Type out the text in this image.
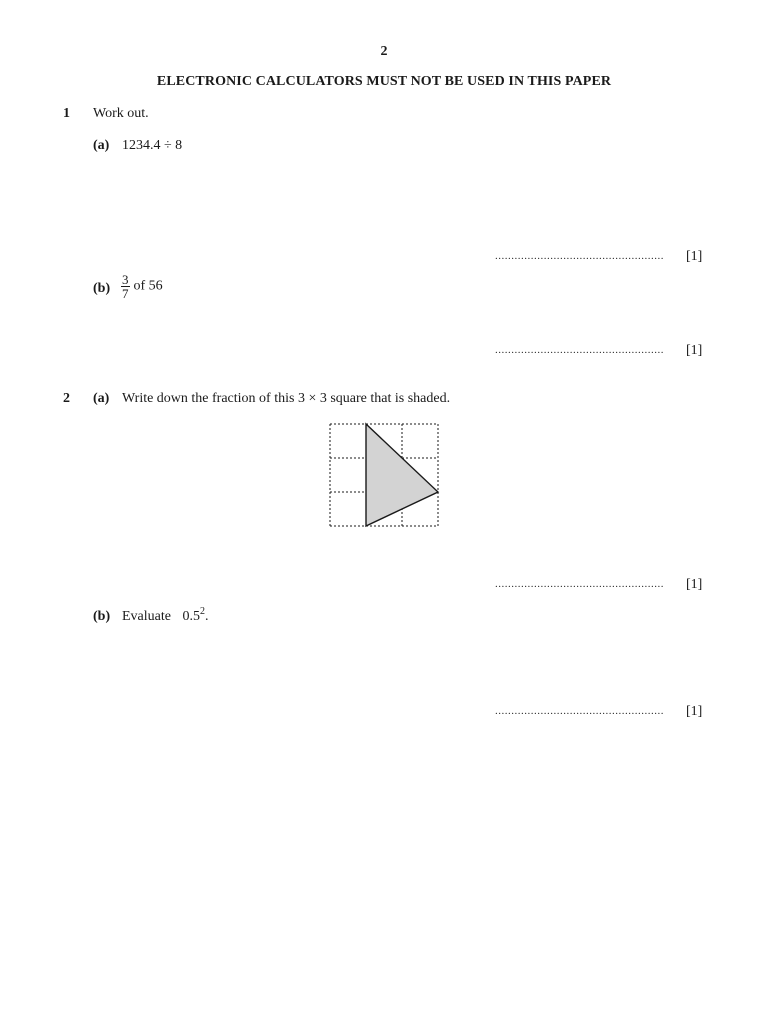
2
ELECTRONIC CALCULATORS MUST NOT BE USED IN THIS PAPER
1 Work out.
(a) 1234.4 ÷ 8
....................................................	[1]
$(b) \frac{3}{7}$ of 56
....................................................	[1]
2 (a) Write down the fraction of this 3 × 3 square that is shaded.
....................................................	[1]
(b) Evaluate $0.5^2$.
....................................................	[1]
